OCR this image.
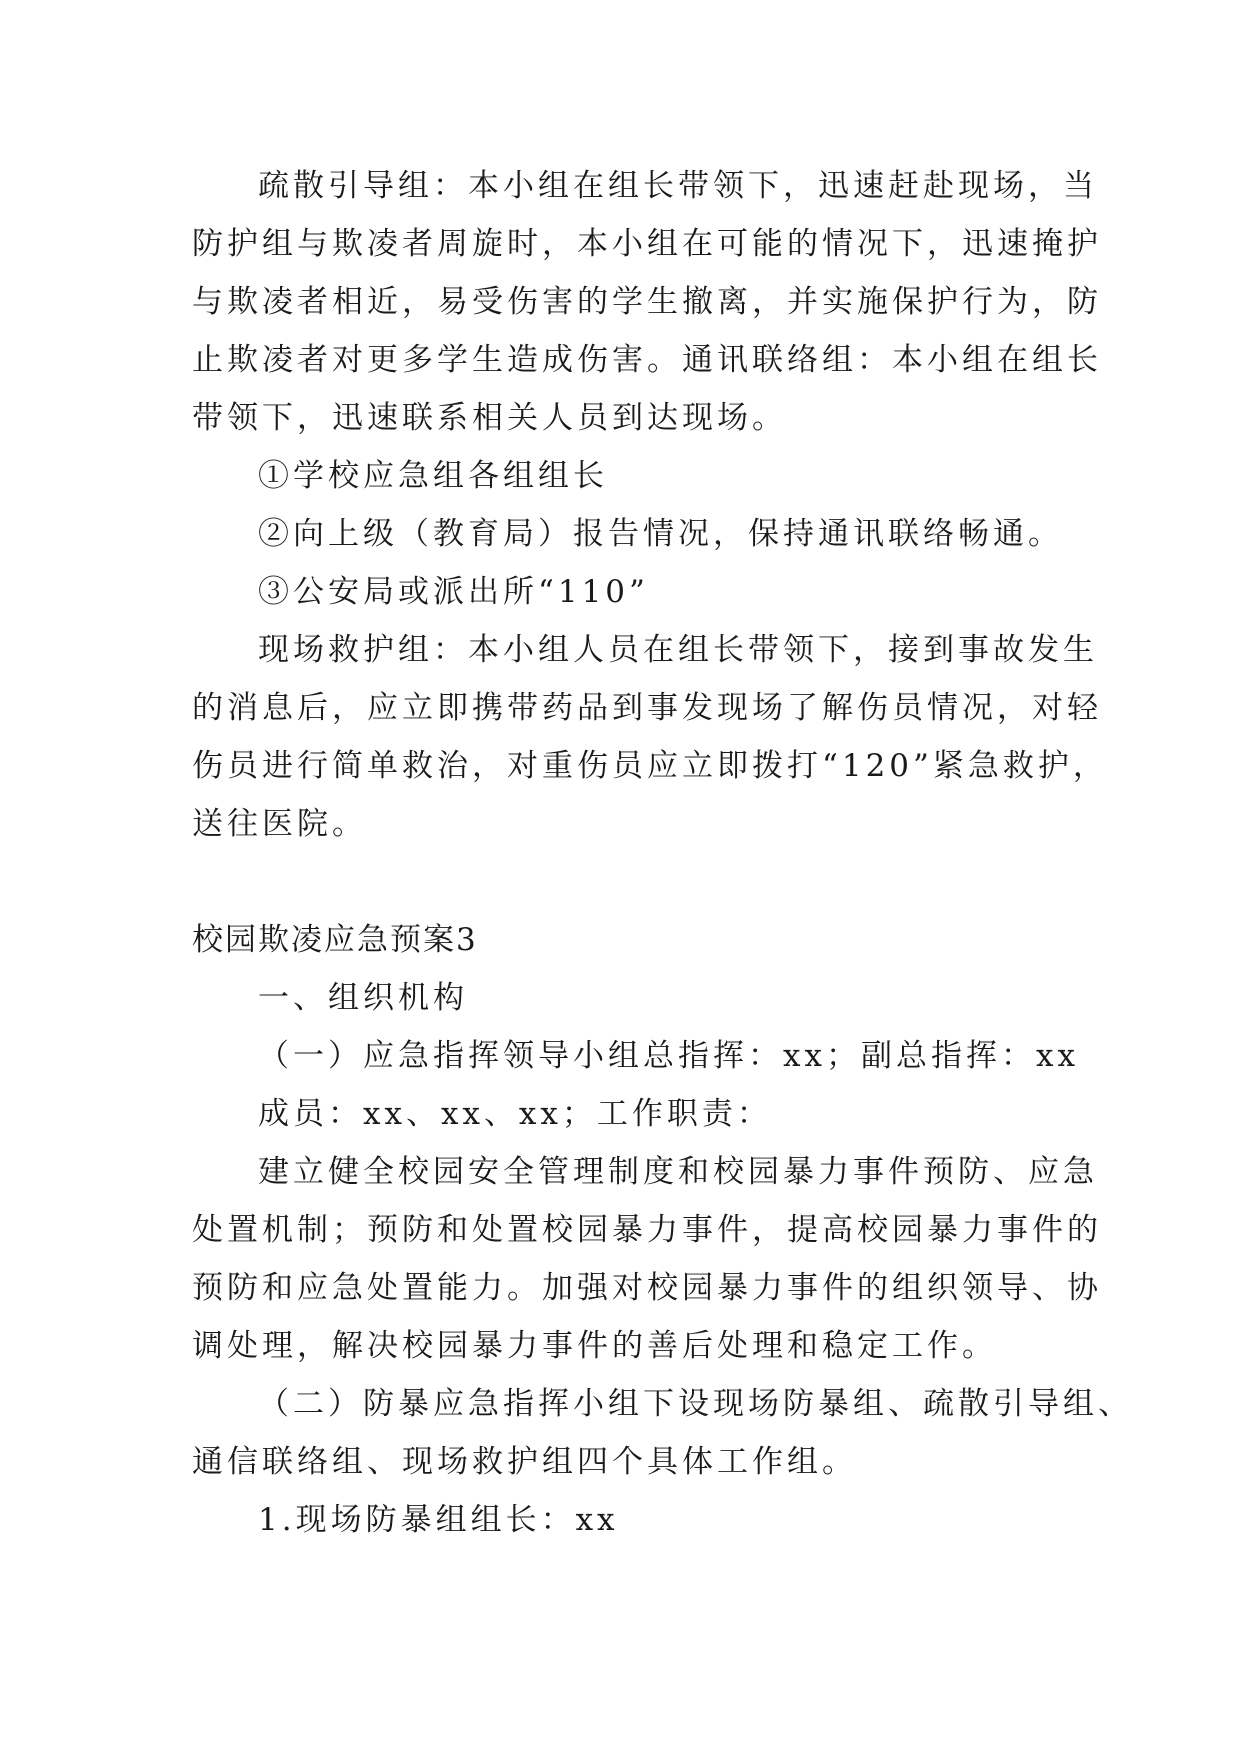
疏散引导组：本小组在组长带领下，迅速赶赴现场，当
防护组与欺凌者周旋时，本小组在可能的情况下，迅速掩护
与欺凌者相近，易受伤害的学生撤离，并实施保护行为，防
止欺凌者对更多学生造成伤害。通讯联络组：本小组在组长
带领下，迅速联系相关人员到达现场。
①学校应急组各组组长
②向上级（教育局）报告情况，保持通讯联络畅通。
③公安局或派出所“110”
现场救护组：本小组人员在组长带领下，接到事故发生
的消息后，应立即携带药品到事发现场了解伤员情况，对轻
伤员进行简单救治，对重伤员应立即拨打“120”紧急救护，
送往医院。
校园欺凌应急预案3
一、组织机构
（一）应急指挥领导小组总指挥：xx；副总指挥：xx
成员：xx、xx、xx；工作职责：
建立健全校园安全管理制度和校园暴力事件预防、应急
处置机制；预防和处置校园暴力事件，提高校园暴力事件的
预防和应急处置能力。加强对校园暴力事件的组织领导、协
调处理，解决校园暴力事件的善后处理和稳定工作。
（二）防暴应急指挥小组下设现场防暴组、疏散引导组、
通信联络组、现场救护组四个具体工作组。
1.现场防暴组组长：xx
